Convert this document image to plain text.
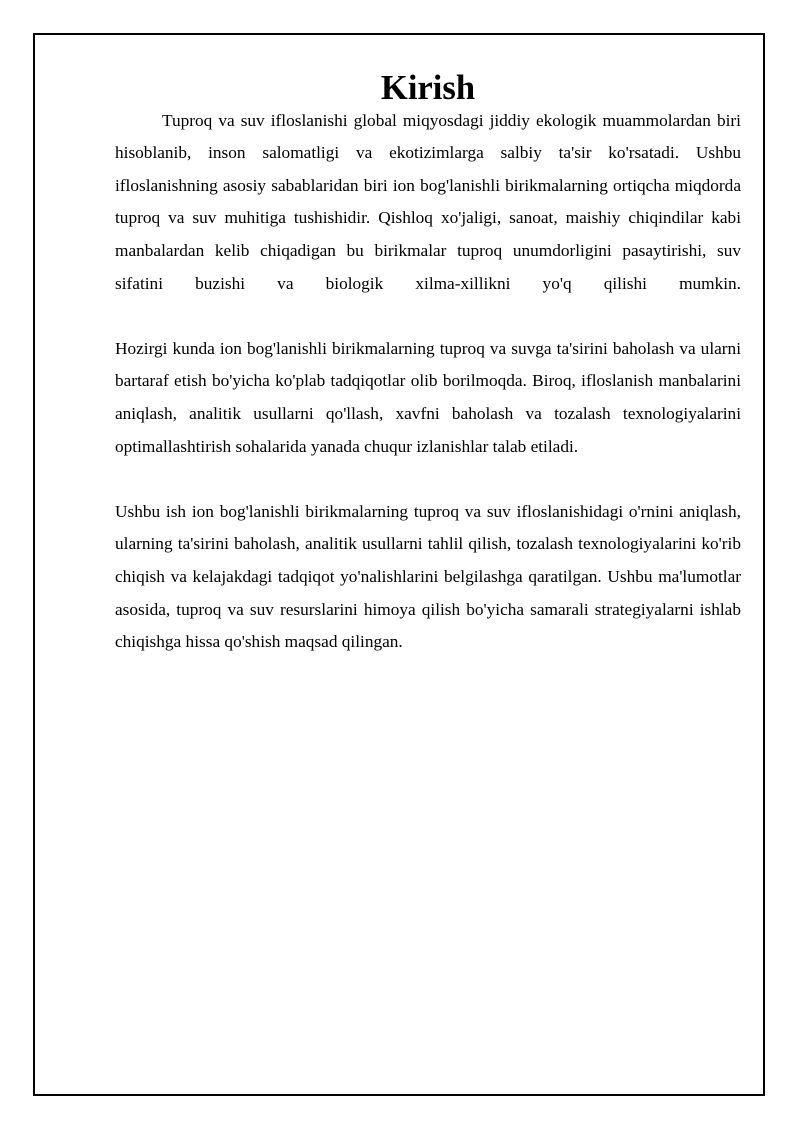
Kirish

Tuproq va suv ifloslanishi global miqyosdagi jiddiy ekologik muammolardan biri hisoblanib, inson salomatligi va ekotizimlarga salbiy ta'sir ko'rsatadi. Ushbu ifloslanishning asosiy sabablaridan biri ion bog'lanishli birikmalarning ortiqcha miqdorda tuproq va suv muhitiga tushishidir. Qishloq xo'jaligi, sanoat, maishiy chiqindilar kabi manbalardan kelib chiqadigan bu birikmalar tuproq unumdorligini pasaytirishi, suv sifatini buzishi va biologik xilma-xillikni yo'q qilishi mumkin.

Hozirgi kunda ion bog'lanishli birikmalarning tuproq va suvga ta'sirini baholash va ularni bartaraf etish bo'yicha ko'plab tadqiqotlar olib borilmoqda. Biroq, ifloslanish manbalarini aniqlash, analitik usullarni qo'llash, xavfni baholash va tozalash texnologiyalarini optimallashtirish sohalarida yanada chuqur izlanishlar talab etiladi.

Ushbu ish ion bog'lanishli birikmalarning tuproq va suv ifloslanishidagi o'rnini aniqlash, ularning ta'sirini baholash, analitik usullarni tahlil qilish, tozalash texnologiyalarini ko'rib chiqish va kelajakdagi tadqiqot yo'nalishlarini belgilashga qaratilgan. Ushbu ma'lumotlar asosida, tuproq va suv resurslarini himoya qilish bo'yicha samarali strategiyalarni ishlab chiqishga hissa qo'shish maqsad qilingan.
